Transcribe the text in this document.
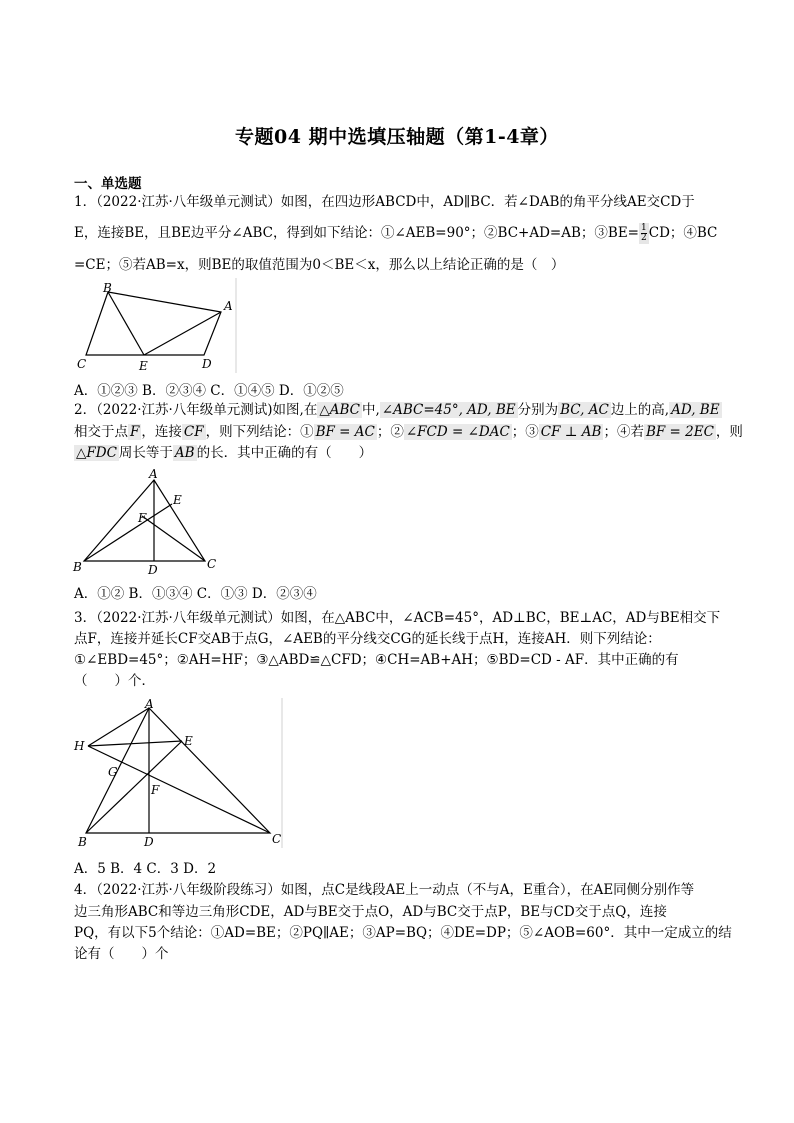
专题04 期中选填压轴题（第1-4章）
一、单选题
1．（2022·江苏·八年级单元测试）如图，在四边形ABCD中，AD∥BC．若∠DAB的角平分线AE交CD于
E，连接BE，且BE边平分∠ABC，得到如下结论：①∠AEB=90°；②BC+AD=AB；③BE= $\frac{1}{2}$ CD；④BC
=CE；⑤若AB=x，则BE的取值范围为0＜BE＜x，那么以上结论正确的是（　）
B
A
C	E	D
A．①②③ B．②③④ C．①④⑤ D．①②⑤
2．（2022·江苏·八年级单元测试)如图,在 △ABC 中, ∠ABC=45°, AD, BE 分别为 BC, AC 边上的高, AD, BE
相交于点 F ，连接 CF ，则下列结论：① BF = AC ；② ∠FCD = ∠DAC ；③ CF ⊥ AB ；④若 BF = 2EC ，则
△FDC 周长等于 AB 的长．其中正确的有（　　）
A
E
F
B	D	C
A．①② B．①③④ C．①③ D．②③④
3．（2022·江苏·八年级单元测试）如图，在△ABC中，∠ACB=45°，AD⊥BC，BE⊥AC，AD与BE相交下
点F，连接并延长CF交AB于点G，∠AEB的平分线交CG的延长线于点H，连接AH．则下列结论：
①∠EBD=45°；②AH=HF；③△ABD≌△CFD；④CH=AB+AH；⑤BD=CD - AF．其中正确的有
（　　）个．
A
H	E
G
F
B	D	C
A．5 B．4 C．3 D．2
4．（2022·江苏·八年级阶段练习）如图，点C是线段AE上一动点（不与A，E重合），在AE同侧分别作等
边三角形ABC和等边三角形CDE，AD与BE交于点O，AD与BC交于点P，BE与CD交于点Q，连接
PQ，有以下5个结论：①AD=BE；②PQ∥AE；③AP=BQ；④DE=DP；⑤∠AOB=60°．其中一定成立的结
论有（　　）个
